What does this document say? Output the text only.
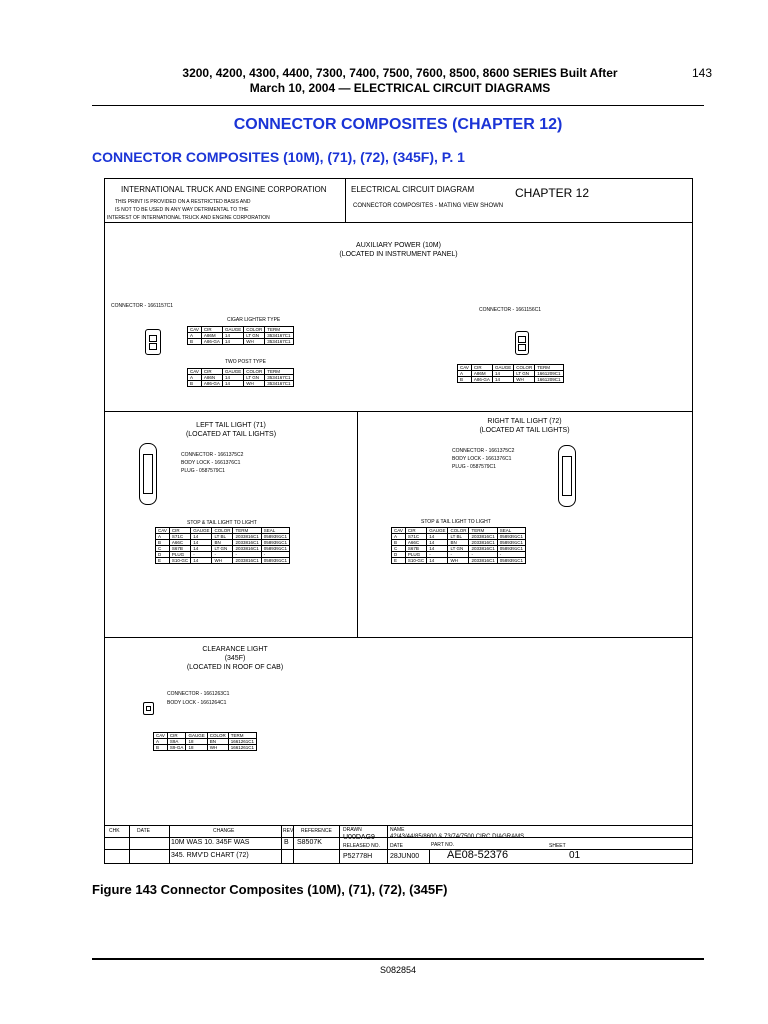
3200, 4200, 4300, 4400, 7300, 7400, 7500, 7600, 8500, 8600 SERIES Built After
March 10, 2004 — ELECTRICAL CIRCUIT DIAGRAMS
143
CONNECTOR COMPOSITES (CHAPTER 12)
CONNECTOR COMPOSITES (10M), (71), (72), (345F), P. 1
INTERNATIONAL TRUCK AND ENGINE CORPORATION
THIS PRINT IS PROVIDED ON A RESTRICTED BASIS AND
IS NOT TO BE USED IN ANY WAY DETRIMENTAL TO THE
INTEREST OF INTERNATIONAL TRUCK AND ENGINE CORPORATION
ELECTRICAL CIRCUIT DIAGRAM	CHAPTER 12
CONNECTOR COMPOSITES - MATING VIEW SHOWN
AUXILIARY POWER (10M)
(LOCATED IN INSTRUMENT PANEL)
CONNECTOR - 1661157C1
CONNECTOR - 1661156C1
CIGAR LIGHTER TYPE
CAV	CIR	GAUGE	COLOR	TERM
A	A86M	14	LT GN	3534167C1
B	A86-GA	14	WH	3534167C1
TWO POST TYPE
CAV	CIR	GAUGE	COLOR	TERM
A	A86N	14	LT GN	3534167C1
B	A86-GA	14	WH	3534167C1
CAV	CIR	GAUGE	COLOR	TERM
A	A86M	14	LT GN	1661209C1
B	A86-GA	14	WH	1661209C1
LEFT TAIL LIGHT (71)
(LOCATED AT TAIL LIGHTS)
CONNECTOR - 1661375C2
BODY LOCK - 1661376C1
PLUG - 0587579C1
STOP & TAIL LIGHT TO LIGHT
CAV	CIR	GAUGE	COLOR	TERM	SEAL
A	S71C	14	LT BL	2033816C1	0589391C1
B	A66C	14	BN	2033816C1	0589391C1
C	S67B	14	LT GN	2033816C1	0589391C1
D	PLUG	-	-	-	-
E	S10-GC	14	WH	2033816C1	0589391C1
RIGHT TAIL LIGHT (72)
(LOCATED AT TAIL LIGHTS)
CONNECTOR - 1661375C2
BODY LOCK - 1661376C1
PLUG - 0587579C1
STOP & TAIL LIGHT TO LIGHT
CAV	CIR	GAUGE	COLOR	TERM	SEAL
A	S71C	14	LT BL	2033816C1	0589391C1
B	A66C	14	BN	2033816C1	0589391C1
C	S67B	14	LT GN	2033816C1	0589391C1
D	PLUG	-	-	-	-
E	S10-GC	14	WH	2033816C1	0589391C1
CLEARANCE LIGHT
(345F)
(LOCATED IN ROOF OF CAB)
CONNECTOR - 1661263C1
BODY LOCK - 1661264C1
CAV	CIR	GAUGE	COLOR	TERM
A	S9A	18	BN	1661261C1
B	S9-GA	18	WH	1661261C1
CHK	DATE	CHANGE	REV REFERENCE
10M WAS 10. 345F WAS
345. RMV'D CHART (72)
B S8507K
DRAWN	NAME
U00DAG9	42/43/44/85/8600 & 73/74/7500 CIRC DIAGRAMS
RELEASED NO. DATE	PART NO.	SHEET
P52778H	28JUN00	AE08-52376	01
Figure 143 Connector Composites (10M), (71), (72), (345F)
S082854
